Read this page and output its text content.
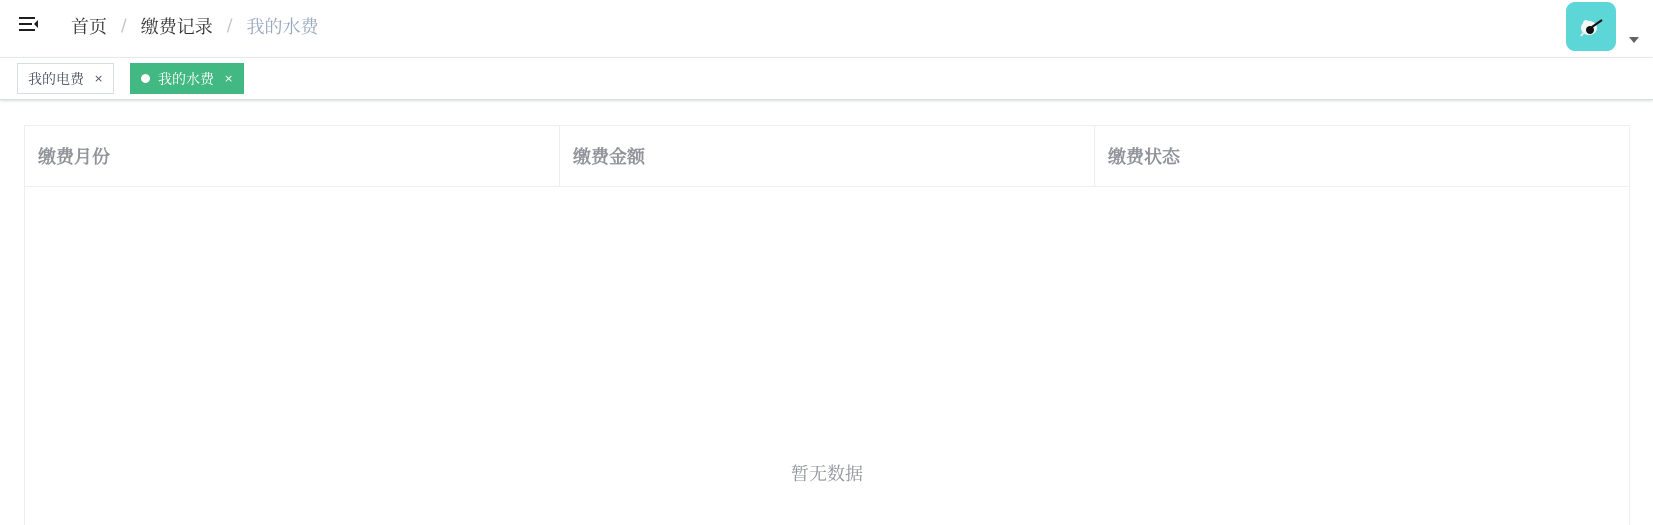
首页 / 缴费记录 / 我的水费
我的电费 ×	我的水费 ×
缴费月份	缴费金额	缴费状态
暂无数据
